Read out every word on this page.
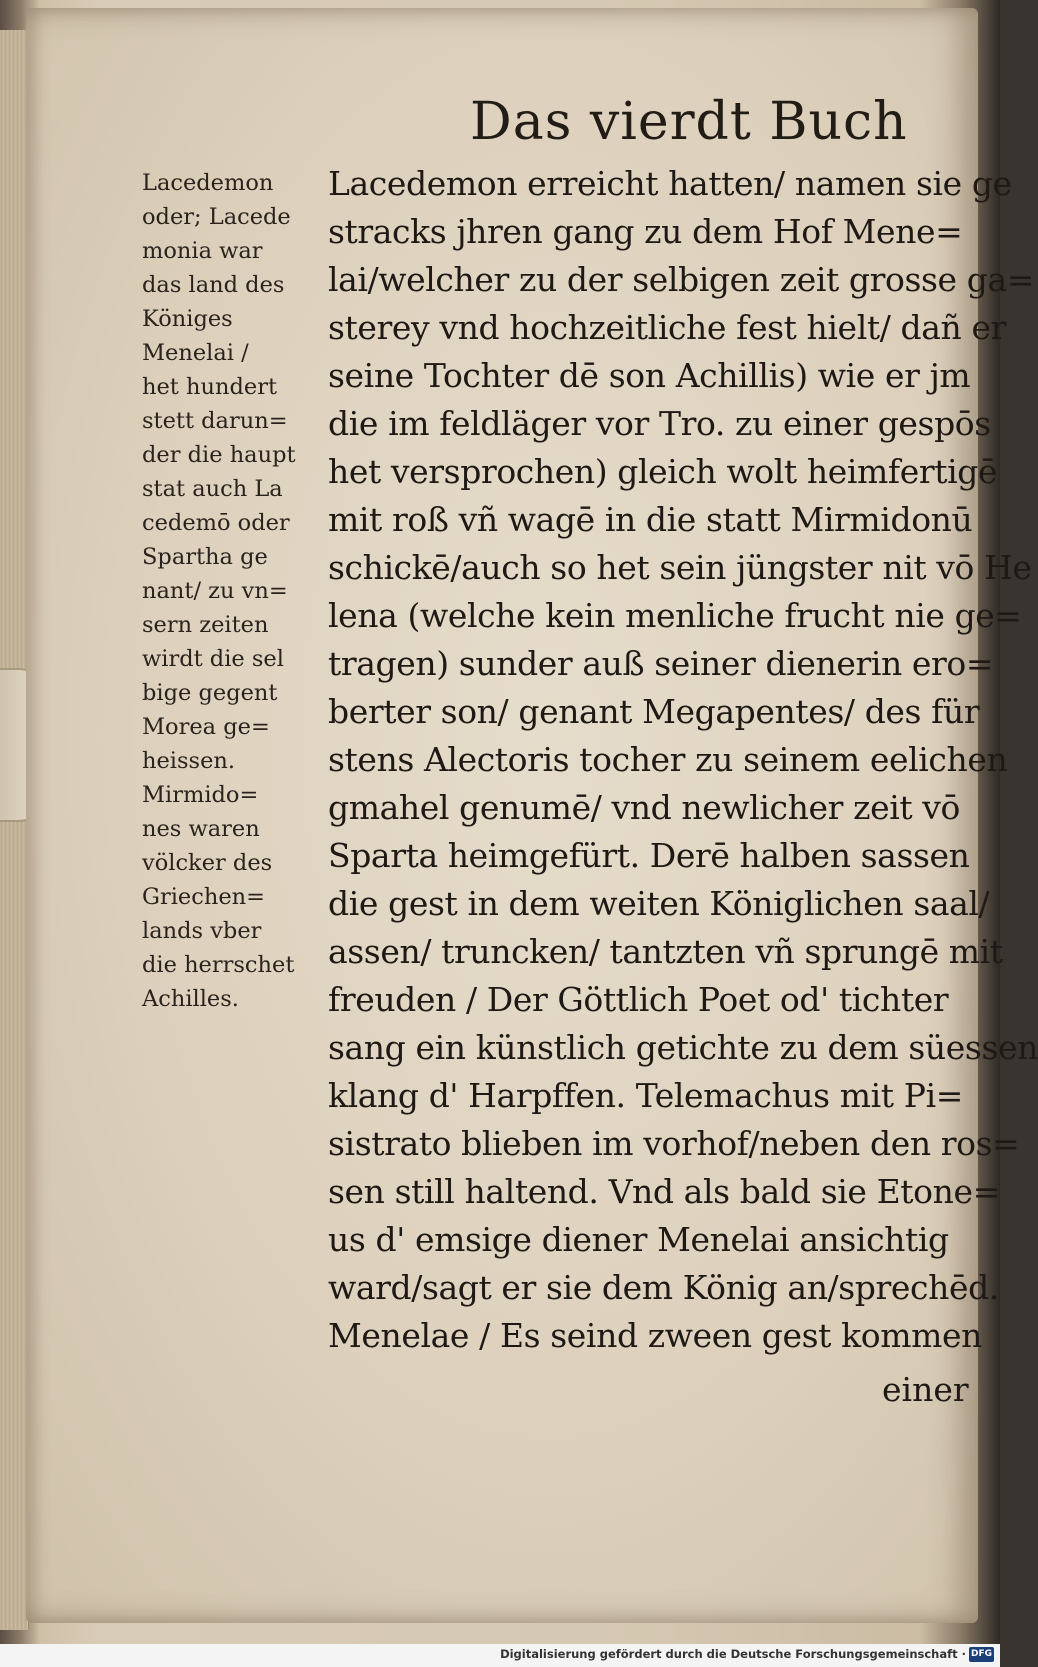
Das vierdt Buch
Lacedemon
oder; Lacede
monia war
das land des
Königes
Menelai /
het hundert
stett darun=
der die haupt
stat auch La
cedemō oder
Spartha ge
nant/ zu vn=
sern zeiten
wirdt die sel
bige gegent
Morea ge=
heissen.
Mirmido=
nes waren
völcker des
Griechen=
lands vber
die herrschet
Achilles.
Lacedemon erreicht hatten/ namen sie ge
stracks jhren gang zu dem Hof Mene=
lai/welcher zu der selbigen zeit grosse ga=
sterey vnd hochzeitliche fest hielt/ dañ er
seine Tochter dē son Achillis) wie er jm
die im feldläger vor Tro. zu einer gespōs
het versprochen) gleich wolt heimfertigē
mit roß vñ wagē in die statt Mirmidonū
schickē/auch so het sein jüngster nit vō He
lena (welche kein menliche frucht nie ge=
tragen) sunder auß seiner dienerin ero=
berter son/ genant Megapentes/ des für
stens Alectoris tocher zu seinem eelichen
gmahel genumē/ vnd newlicher zeit vō
Sparta heimgefürt. Derē halben sassen
die gest in dem weiten Königlichen saal/
assen/ truncken/ tantzten vñ sprungē mit
freuden / Der Göttlich Poet od' tichter
sang ein künstlich getichte zu dem süessen
klang d' Harpffen. Telemachus mit Pi=
sistrato blieben im vorhof/neben den ros=
sen still haltend. Vnd als bald sie Etone=
us d' emsige diener Menelai ansichtig
ward/sagt er sie dem König an/sprechēd.
Menelae / Es seind zween gest kommen
einer
Digitalisierung gefördert durch die Deutsche Forschungsgemeinschaft · DFG
